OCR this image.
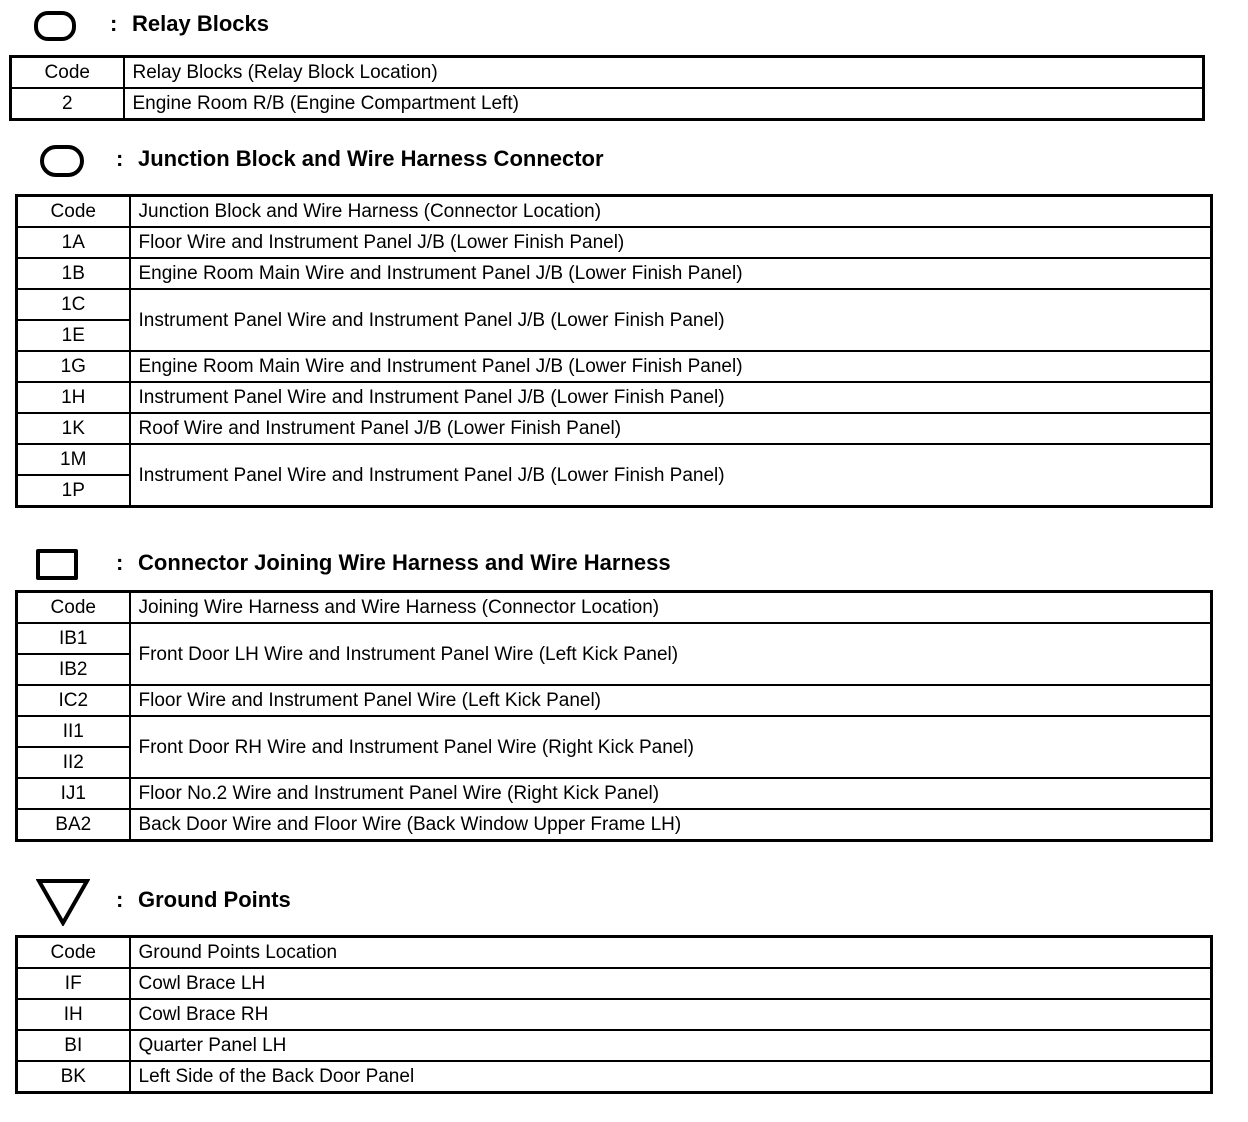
: Relay Blocks
Code	Relay Blocks (Relay Block Location)
2	Engine Room R/B (Engine Compartment Left)
: Junction Block and Wire Harness Connector
Code	Junction Block and Wire Harness (Connector Location)
1A	Floor Wire and Instrument Panel J/B (Lower Finish Panel)
1B	Engine Room Main Wire and Instrument Panel J/B (Lower Finish Panel)
1C	Instrument Panel Wire and Instrument Panel J/B (Lower Finish Panel)
1E	
1G	Engine Room Main Wire and Instrument Panel J/B (Lower Finish Panel)
1H	Instrument Panel Wire and Instrument Panel J/B (Lower Finish Panel)
1K	Roof Wire and Instrument Panel J/B (Lower Finish Panel)
1M	Instrument Panel Wire and Instrument Panel J/B (Lower Finish Panel)
1P	
: Connector Joining Wire Harness and Wire Harness
Code	Joining Wire Harness and Wire Harness (Connector Location)
IB1	Front Door LH Wire and Instrument Panel Wire (Left Kick Panel)
IB2	
IC2	Floor Wire and Instrument Panel Wire (Left Kick Panel)
II1	Front Door RH Wire and Instrument Panel Wire (Right Kick Panel)
II2	
IJ1	Floor No.2 Wire and Instrument Panel Wire (Right Kick Panel)
BA2	Back Door Wire and Floor Wire (Back Window Upper Frame LH)
: Ground Points
Code	Ground Points Location
IF	Cowl Brace LH
IH	Cowl Brace RH
BI	Quarter Panel LH
BK	Left Side of the Back Door Panel
